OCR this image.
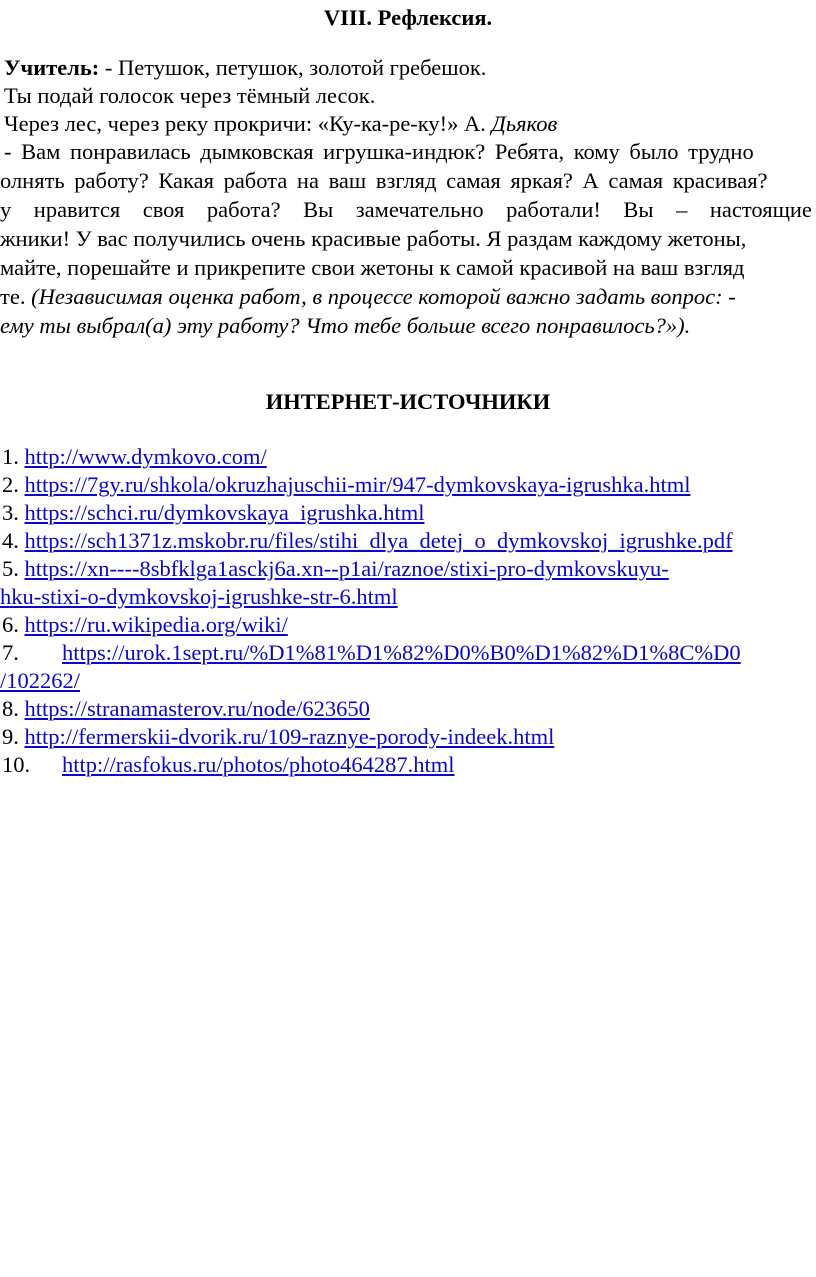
VIII. Рефлексия.
Учитель: - Петушок, петушок, золотой гребешок.
Ты подай голосок через тёмный лесок.
Через лес, через реку прокричи: «Ку-ка-ре-ку!» А. Дьяков
- Вам понравилась дымковская игрушка-индюк? Ребята, кому было трудно
олнять работу? Какая работа на ваш взгляд самая яркая? А самая красивая?
у нравится своя работа? Вы замечательно работали! Вы – настоящие
жники! У вас получились очень красивые работы. Я раздам каждому жетоны,
майте, порешайте и прикрепите свои жетоны к самой красивой на ваш взгляд
те. (Независимая оценка работ, в процессе которой важно задать вопрос: -
ему ты выбрал(а) эту работу? Что тебе больше всего понравилось?»).
ИНТЕРНЕТ-ИСТОЧНИКИ
1. http://www.dymkovo.com/
2. https://7gy.ru/shkola/okruzhajuschii-mir/947-dymkovskaya-igrushka.html
3. https://schci.ru/dymkovskaya_igrushka.html
4. https://sch1371z.mskobr.ru/files/stihi_dlya_detej_o_dymkovskoj_igrushke.pdf
5. https://xn----8sbfklga1asckj6a.xn--p1ai/raznoe/stixi-pro-dymkovskuyu-
hku-stixi-o-dymkovskoj-igrushke-str-6.html
6. https://ru.wikipedia.org/wiki/
7. https://urok.1sept.ru/%D1%81%D1%82%D0%B0%D1%82%D1%8C%D0
/102262/
8. https://stranamasterov.ru/node/623650
9. http://fermerskii-dvorik.ru/109-raznye-porody-indeek.html
10. http://rasfokus.ru/photos/photo464287.html
